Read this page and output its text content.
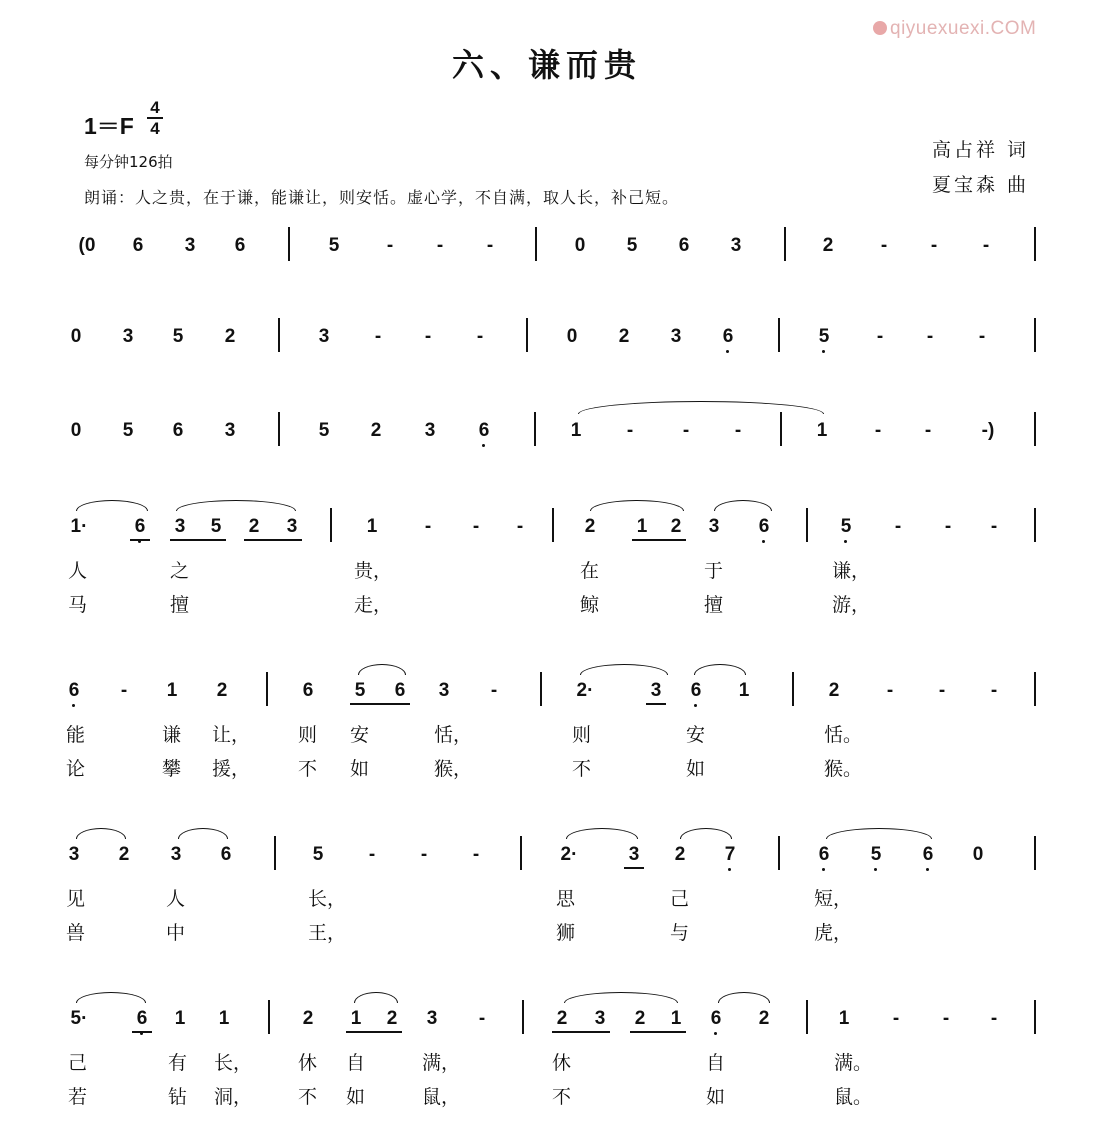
qiyuexuexi.COM
六、谦而贵
1＝F
4
4
每分钟126拍
朗诵：人之贵，在于谦，能谦让，则安恬。虚心学，不自满，取人长，补己短。
高占祥 词
夏宝森 曲
(0	6 3 6	5	-	-	-	0 5 6 3	2	-	-	-
0 3 5 2	3	-	-	-	0 2 3 6	5	-	-	-
0 5 6 3	5 2 3 6	1	-	-	-	1	-	-	-)
1· 6 3 5 2 3	1	-	-	-	2 1 2 3 6	5	-	-	-
人	之	贵，	在	于	谦，
马	擅	走，	鲸	擅	游，
6	-	1 2	6 5 6 3	-	2·	3 6 1	2	-	-	-
能	谦 让，	则 安	恬，	则	安	恬。
论	攀 援，	不 如	猴，	不	如	猴。
3 2 3 6	5	-	-	-	2·	3 2 7	6 5 6 0
见	人	长，	思	己	短，
兽	中	王，	狮	与	虎，
5·	6 1 1	2 1 2 3	-	2 3 2 1 6 2	1	-	-	-
己	有 长， 休 自	满，	休	自	满。
若	钻 洞， 不 如	鼠，	不	如	鼠。
